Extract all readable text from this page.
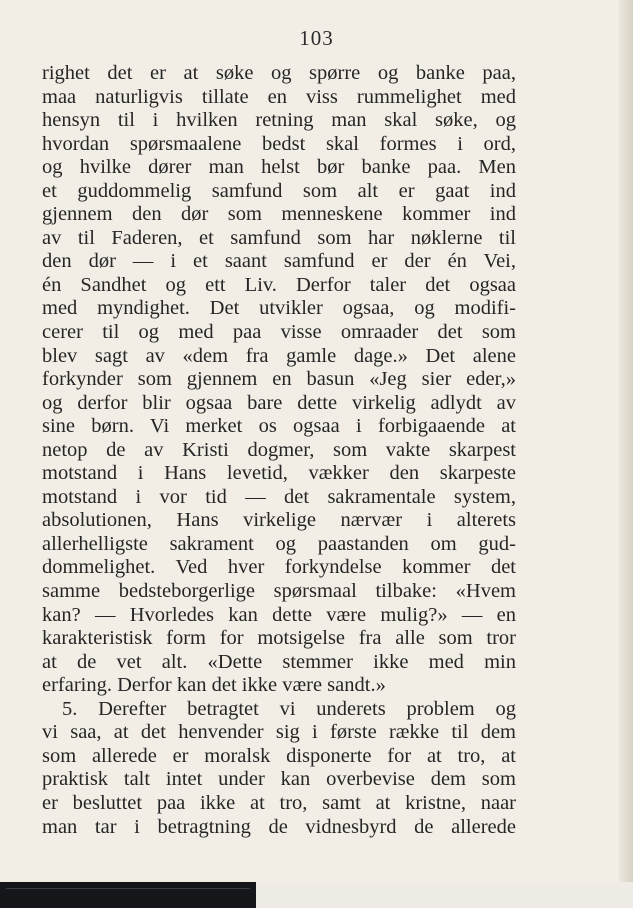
103
righet det er at søke og spørre og banke paa,
maa naturligvis tillate en viss rummelighet med
hensyn til i hvilken retning man skal søke, og
hvordan spørsmaalene bedst skal formes i ord,
og hvilke dører man helst bør banke paa. Men
et guddommelig samfund som alt er gaat ind
gjennem den dør som menneskene kommer ind
av til Faderen, et samfund som har nøklerne til
den dør — i et saant samfund er der én Vei,
én Sandhet og ett Liv. Derfor taler det ogsaa
med myndighet. Det utvikler ogsaa, og modifi-
cerer til og med paa visse omraader det som
blev sagt av «dem fra gamle dage.» Det alene
forkynder som gjennem en basun «Jeg sier eder,»
og derfor blir ogsaa bare dette virkelig adlydt av
sine børn. Vi merket os ogsaa i forbigaaende at
netop de av Kristi dogmer, som vakte skarpest
motstand i Hans levetid, vækker den skarpeste
motstand i vor tid — det sakramentale system,
absolutionen, Hans virkelige nærvær i alterets
allerhelligste sakrament og paastanden om gud-
dommelighet. Ved hver forkyndelse kommer det
samme bedsteborgerlige spørsmaal tilbake: «Hvem
kan? — Hvorledes kan dette være mulig?» — en
karakteristisk form for motsigelse fra alle som tror
at de vet alt. «Dette stemmer ikke med min
erfaring. Derfor kan det ikke være sandt.»
5. Derefter betragtet vi underets problem og
vi saa, at det henvender sig i første række til dem
som allerede er moralsk disponerte for at tro, at
praktisk talt intet under kan overbevise dem som
er besluttet paa ikke at tro, samt at kristne, naar
man tar i betragtning de vidnesbyrd de allerede
